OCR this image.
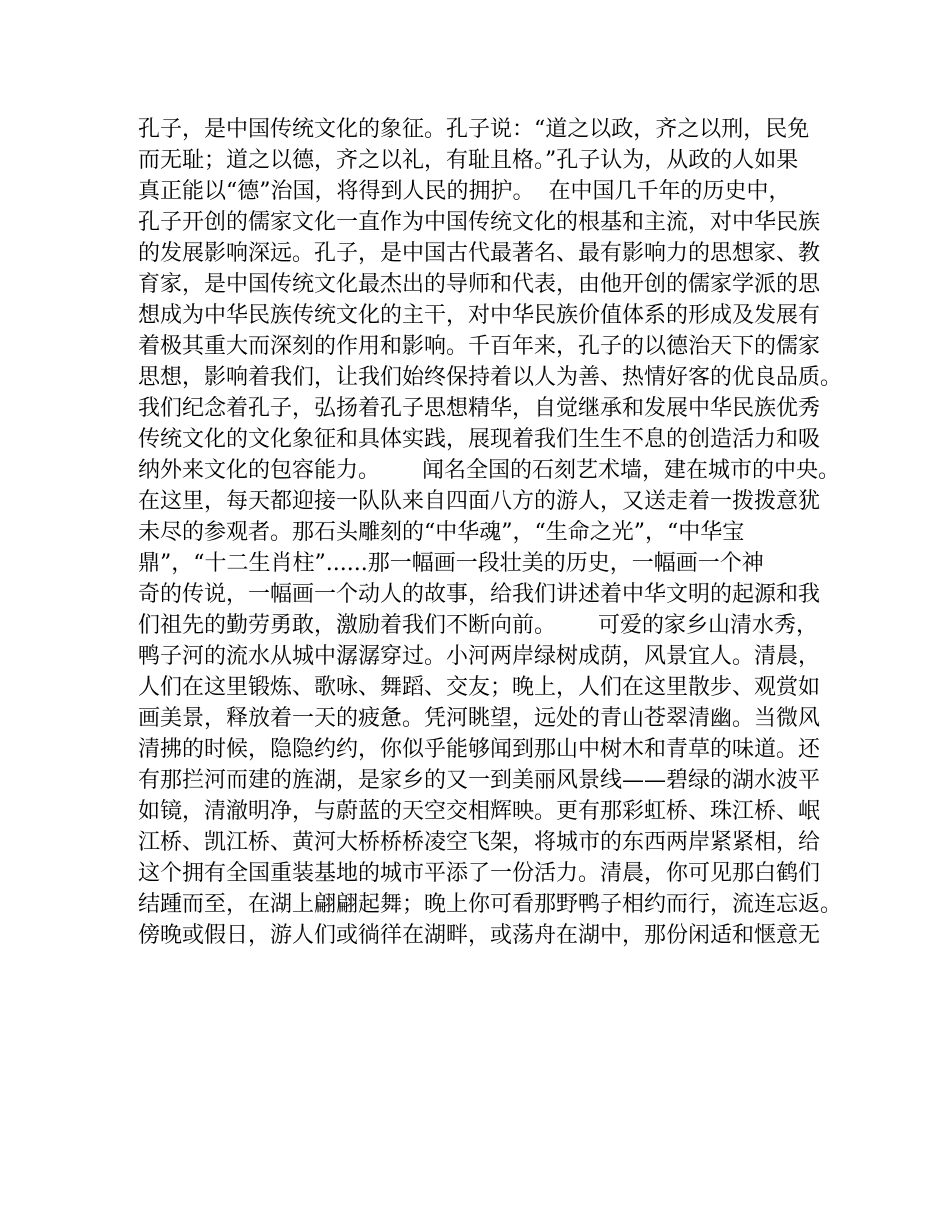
孔子，是中国传统文化的象征。孔子说：“道之以政，齐之以刑，民免
而无耻；道之以德，齐之以礼，有耻且格。”孔子认为，从政的人如果
真正能以“德”治国，将得到人民的拥护。  在中国几千年的历史中，
孔子开创的儒家文化一直作为中国传统文化的根基和主流，对中华民族
的发展影响深远。孔子，是中国古代最著名、最有影响力的思想家、教
育家，是中国传统文化最杰出的导师和代表，由他开创的儒家学派的思
想成为中华民族传统文化的主干，对中华民族价值体系的形成及发展有
着极其重大而深刻的作用和影响。千百年来，孔子的以德治天下的儒家
思想，影响着我们，让我们始终保持着以人为善、热情好客的优良品质。
我们纪念着孔子，弘扬着孔子思想精华，自觉继承和发展中华民族优秀
传统文化的文化象征和具体实践，展现着我们生生不息的创造活力和吸
纳外来文化的包容能力。      闻名全国的石刻艺术墙，建在城市的中央。
在这里，每天都迎接一队队来自四面八方的游人，又送走着一拨拨意犹
未尽的参观者。那石头雕刻的“中华魂”，“生命之光”，“中华宝
鼎”，“十二生肖柱”......那一幅画一段壮美的历史，一幅画一个神
奇的传说，一幅画一个动人的故事，给我们讲述着中华文明的起源和我
们祖先的勤劳勇敢，激励着我们不断向前。      可爱的家乡山清水秀，
鸭子河的流水从城中潺潺穿过。小河两岸绿树成荫，风景宜人。清晨，
人们在这里锻炼、歌咏、舞蹈、交友；晚上，人们在这里散步、观赏如
画美景，释放着一天的疲惫。凭河眺望，远处的青山苍翠清幽。当微风
清拂的时候，隐隐约约，你似乎能够闻到那山中树木和青草的味道。还
有那拦河而建的旌湖，是家乡的又一到美丽风景线——碧绿的湖水波平
如镜，清澈明净，与蔚蓝的天空交相辉映。更有那彩虹桥、珠江桥、岷
江桥、凯江桥、黄河大桥桥桥凌空飞架，将城市的东西两岸紧紧相，给
这个拥有全国重装基地的城市平添了一份活力。清晨，你可见那白鹤们
结踵而至，在湖上翩翩起舞；晚上你可看那野鸭子相约而行，流连忘返。
傍晚或假日，游人们或徜徉在湖畔，或荡舟在湖中，那份闲适和惬意无
